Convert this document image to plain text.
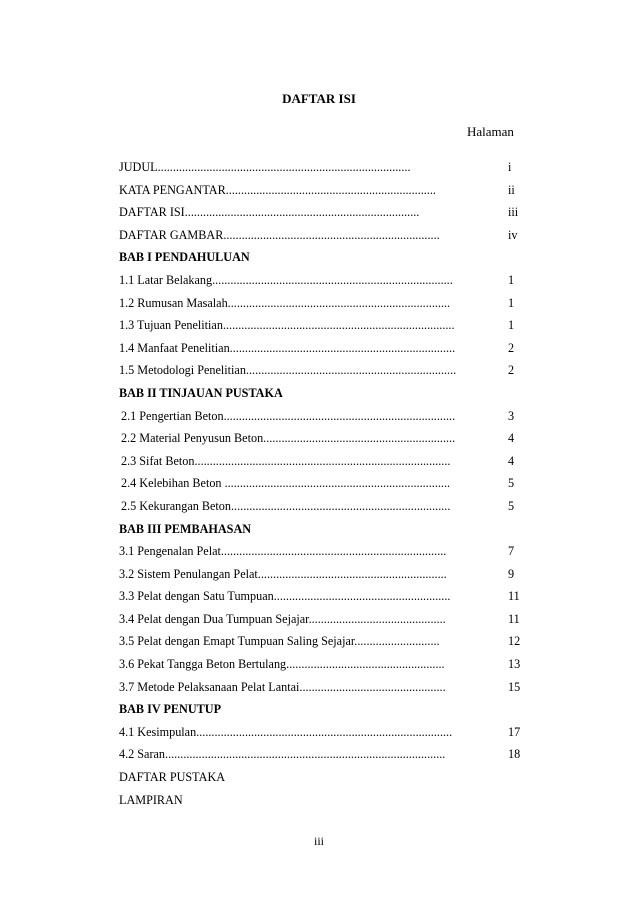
DAFTAR ISI
Halaman
JUDUL...................................................................................	i
KATA PENGANTAR.....................................................................	ii
DAFTAR ISI.............................................................................	iii
DAFTAR GAMBAR.......................................................................	iv
BAB I PENDAHULUAN
1.1 Latar Belakang...............................................................................	1
1.2 Rumusan Masalah.........................................................................	1
1.3 Tujuan Penelitian............................................................................	1
1.4 Manfaat Penelitian..........................................................................	2
1.5 Metodologi Penelitian.....................................................................	2
BAB II TINJAUAN PUSTAKA
2.1 Pengertian Beton............................................................................	3
2.2 Material Penyusun Beton...............................................................	4
2.3 Sifat Beton....................................................................................	4
2.4 Kelebihan Beton ..........................................................................	5
2.5 Kekurangan Beton........................................................................	5
BAB III PEMBAHASAN
3.1 Pengenalan Pelat..........................................................................	7
3.2 Sistem Penulangan Pelat..............................................................	9
3.3 Pelat dengan Satu Tumpuan..........................................................	11
3.4 Pelat dengan Dua Tumpuan Sejajar.............................................	11
3.5 Pelat dengan Emapt Tumpuan Saling Sejajar............................	12
3.6 Pekat Tangga Beton Bertulang....................................................	13
3.7 Metode Pelaksanaan Pelat Lantai................................................	15
BAB IV PENUTUP
4.1 Kesimpulan....................................................................................	17
4.2 Saran............................................................................................	18
DAFTAR PUSTAKA
LAMPIRAN
iii
